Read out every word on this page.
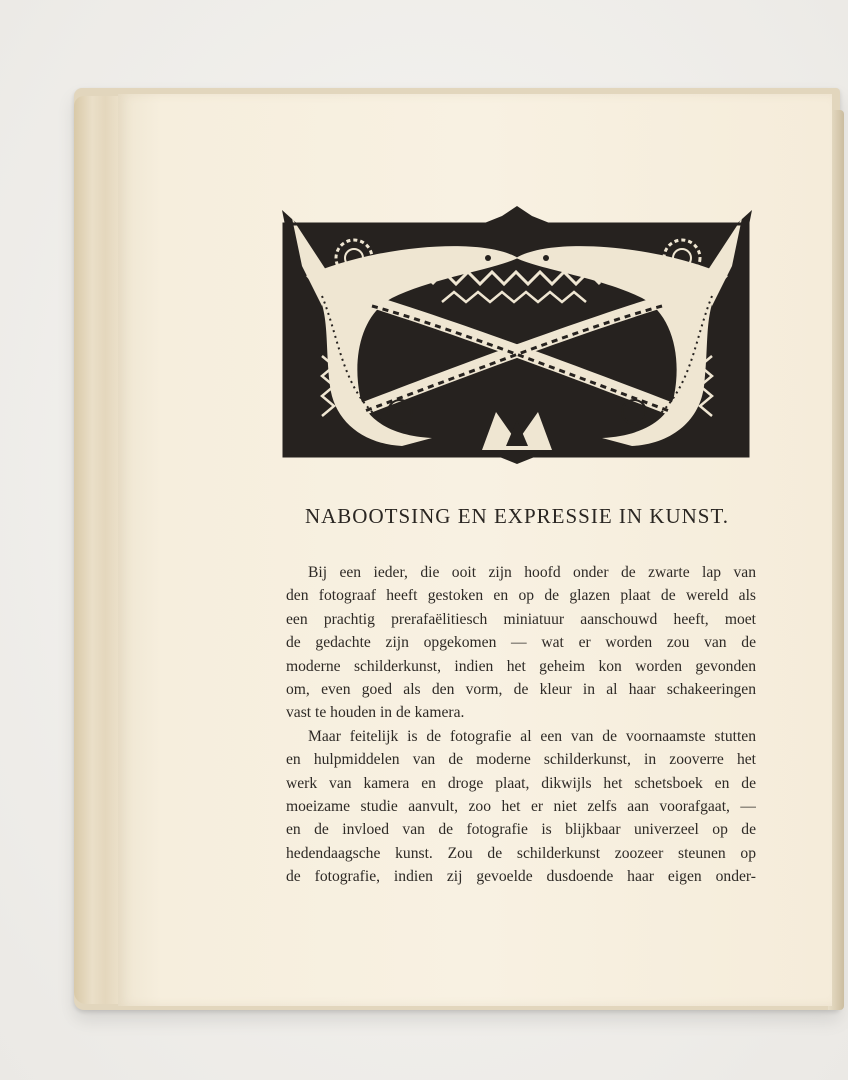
NABOOTSING EN EXPRESSIE IN KUNST.
Bij een ieder, die ooit zijn hoofd onder de zwarte lap van
den fotograaf heeft gestoken en op de glazen plaat de wereld als
een prachtig prerafaëlitiesch miniatuur aanschouwd heeft, moet
de gedachte zijn opgekomen — wat er worden zou van de
moderne schilderkunst, indien het geheim kon worden gevonden
om, even goed als den vorm, de kleur in al haar schakeeringen
vast te houden in de kamera.
Maar feitelijk is de fotografie al een van de voornaamste stutten
en hulpmiddelen van de moderne schilderkunst, in zooverre het
werk van kamera en droge plaat, dikwijls het schetsboek en de
moeizame studie aanvult, zoo het er niet zelfs aan voorafgaat, —
en de invloed van de fotografie is blijkbaar univerzeel op de
hedendaagsche kunst. Zou de schilderkunst zoozeer steunen op
de fotografie, indien zij gevoelde dusdoende haar eigen onder-
